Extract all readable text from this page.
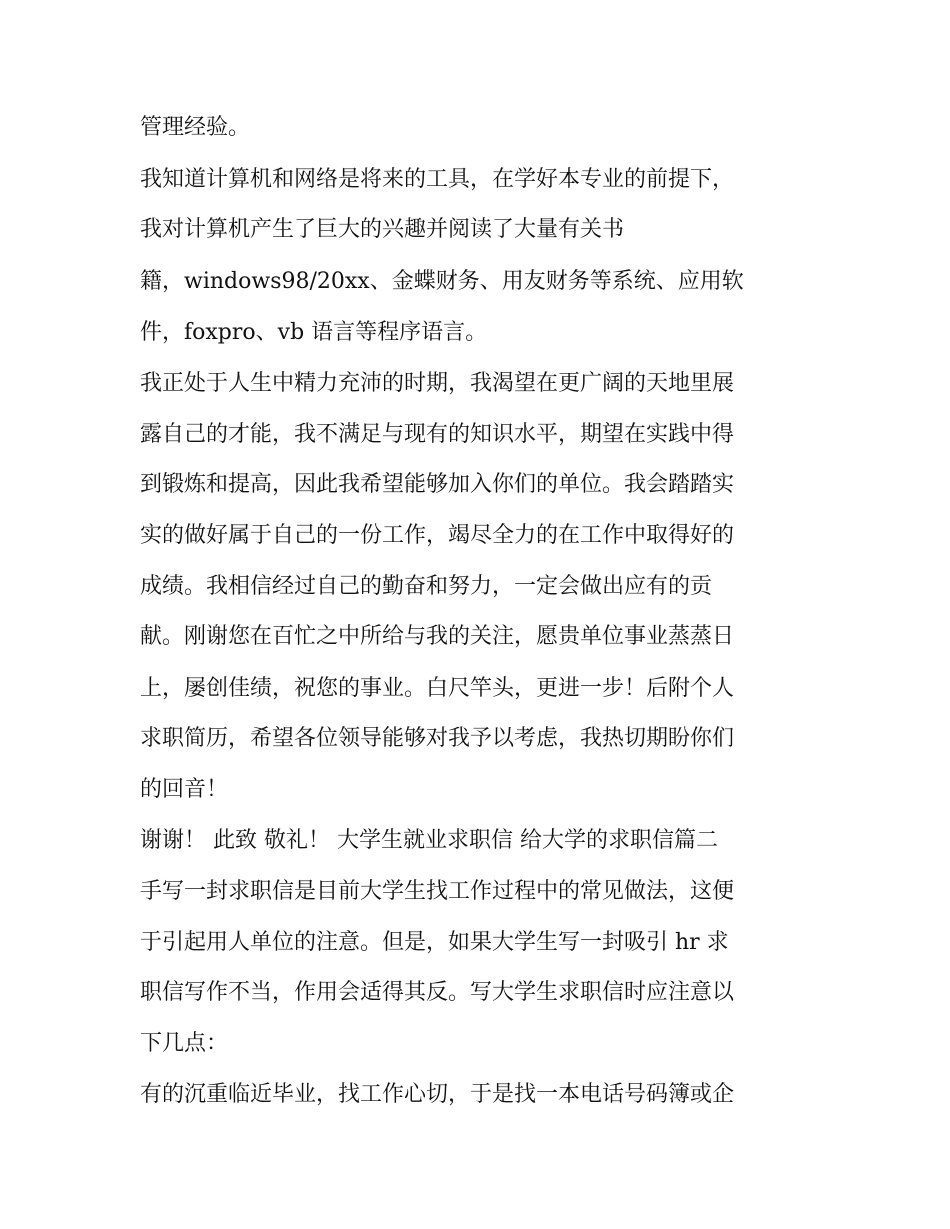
管理经验。

我知道计算机和网络是将来的工具，在学好本专业的前提下，

我对计算机产生了巨大的兴趣并阅读了大量有关书

籍，windows98/20xx、金蝶财务、用友财务等系统、应用软

件，foxpro、vb 语言等程序语言。

我正处于人生中精力充沛的时期，我渴望在更广阔的天地里展

露自己的才能，我不满足与现有的知识水平，期望在实践中得

到锻炼和提高，因此我希望能够加入你们的单位。我会踏踏实

实的做好属于自己的一份工作，竭尽全力的在工作中取得好的

成绩。我相信经过自己的勤奋和努力，一定会做出应有的贡

献。刚谢您在百忙之中所给与我的关注，愿贵单位事业蒸蒸日

上，屡创佳绩，祝您的事业。白尺竿头，更进一步！后附个人

求职简历，希望各位领导能够对我予以考虑，我热切期盼你们

的回音！

谢谢！ 此致 敬礼！ 大学生就业求职信 给大学的求职信篇二

手写一封求职信是目前大学生找工作过程中的常见做法，这便

于引起用人单位的注意。但是，如果大学生写一封吸引 hr 求

职信写作不当，作用会适得其反。写大学生求职信时应注意以

下几点：

有的沉重临近毕业，找工作心切，于是找一本电话号码簿或企
